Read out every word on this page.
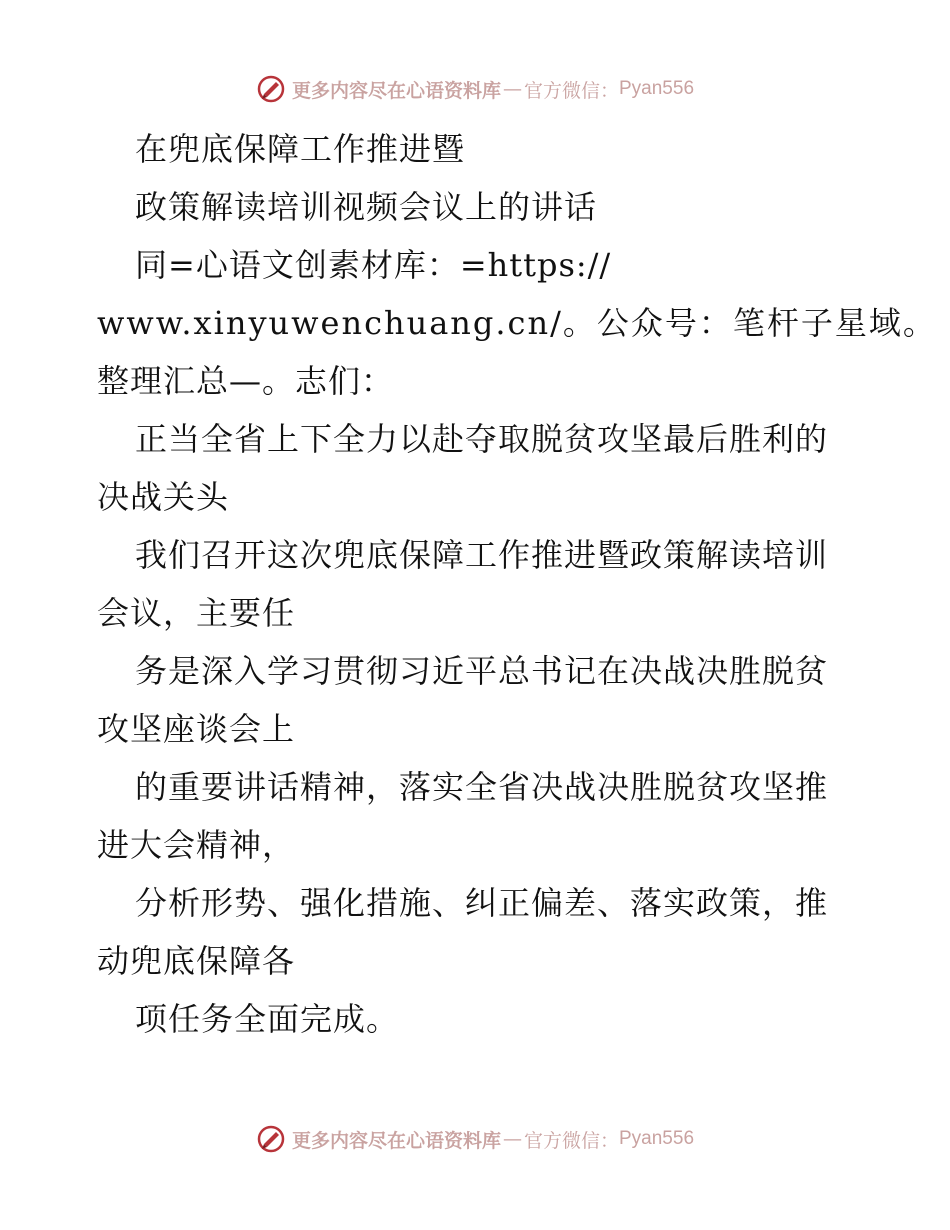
更多内容尽在心语资料库 — 官方微信： Pyan556
在兜底保障工作推进暨
政策解读培训视频会议上的讲话
同=心语文创素材库：=https://
www.xinyuwenchuang.cn/。公众号：笔杆子星域。
整理汇总—。志们：
正当全省上下全力以赴夺取脱贫攻坚最后胜利的
决战关头
我们召开这次兜底保障工作推进暨政策解读培训
会议，主要任
务是深入学习贯彻习近平总书记在决战决胜脱贫
攻坚座谈会上
的重要讲话精神，落实全省决战决胜脱贫攻坚推
进大会精神，
分析形势、强化措施、纠正偏差、落实政策，推
动兜底保障各
项任务全面完成。
更多内容尽在心语资料库 — 官方微信： Pyan556
